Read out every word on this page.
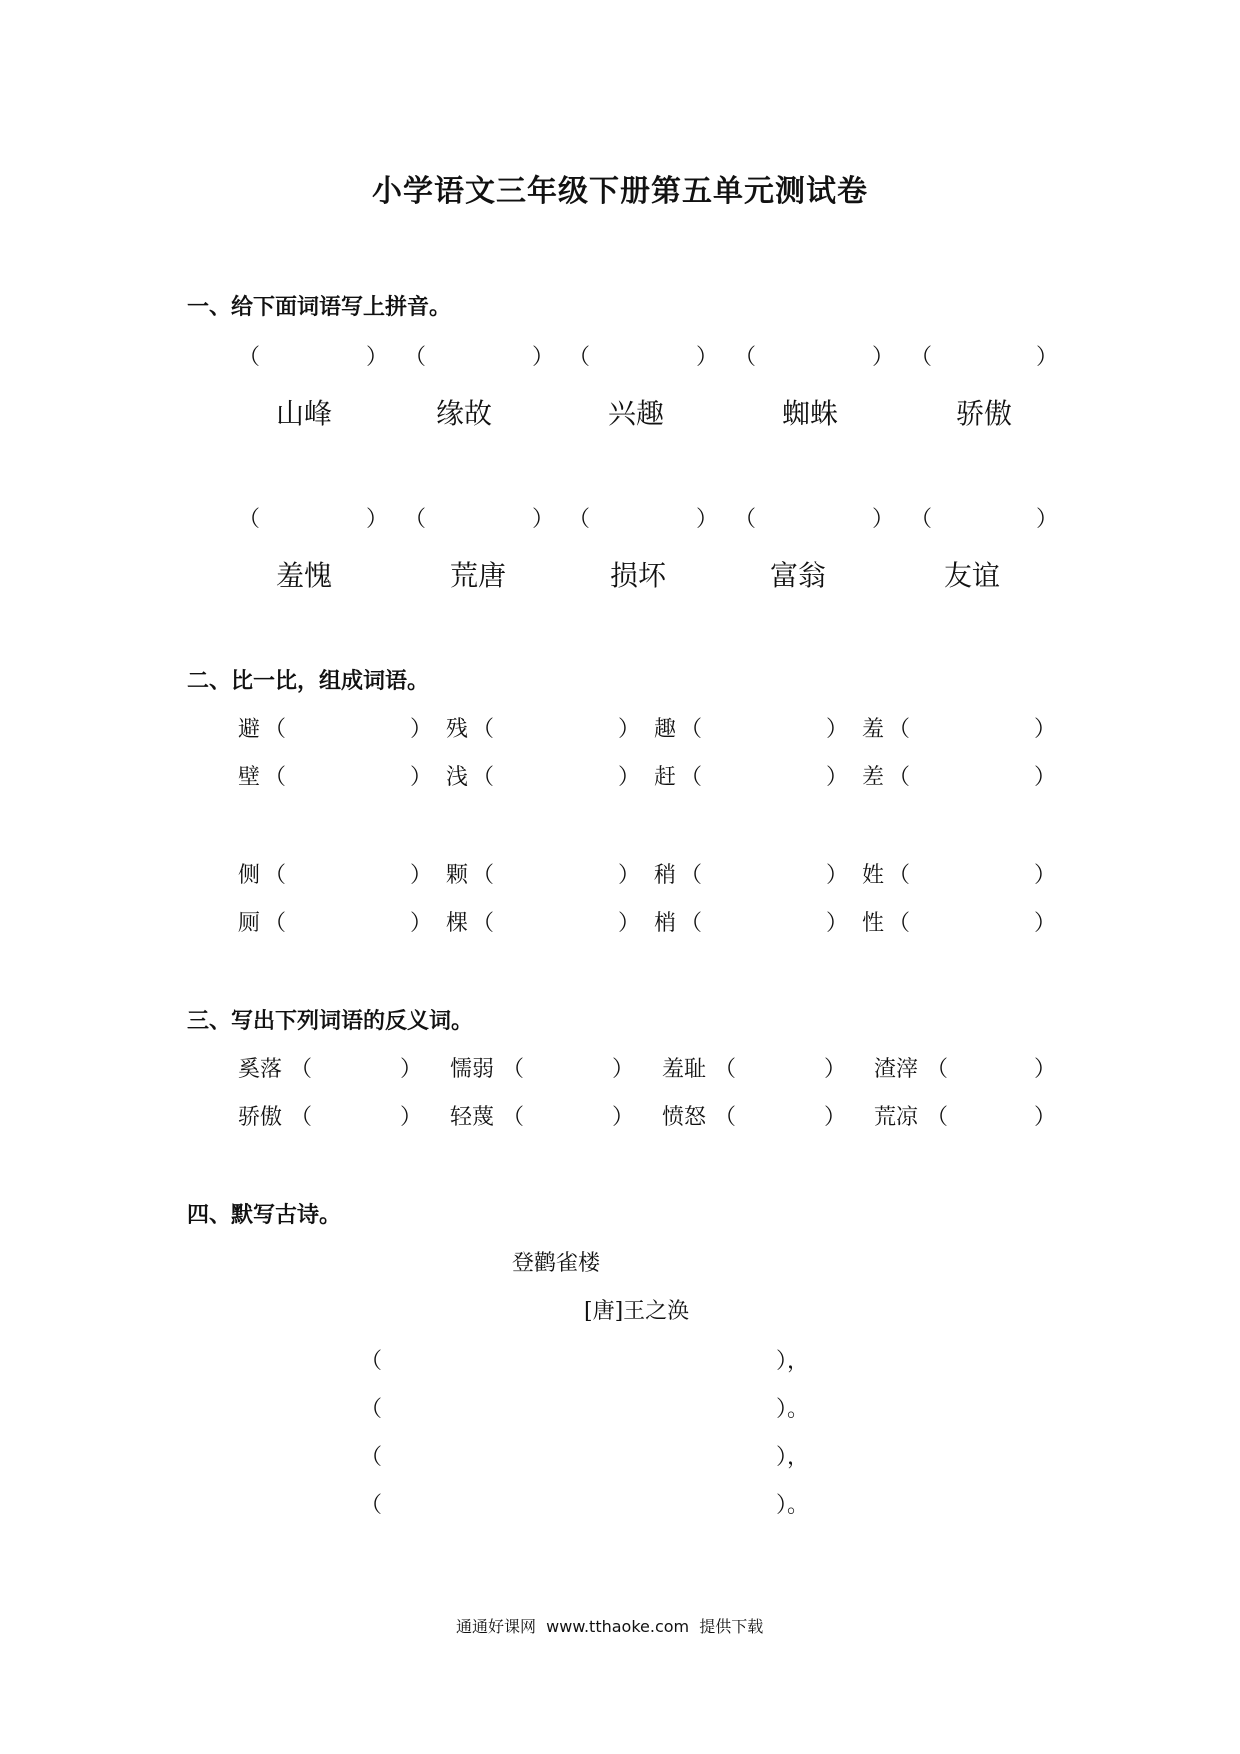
小学语文三年级下册第五单元测试卷
一、给下面词语写上拼音。
（	） （	） （	） （	） （	）
山峰	缘故	兴趣	蜘蛛	骄傲
（	） （	） （	） （	） （	）
羞愧	荒唐	损坏	富翁	友谊
二、比一比，组成词语。
避 （	） 残 （	） 趣 （	） 羞 （	）
壁 （	） 浅 （	） 赶 （	） 差 （	）
侧 （	） 颗 （	） 稍 （	） 姓 （	）
厕 （	） 棵 （	） 梢 （	） 性 （	）
三、写出下列词语的反义词。
奚落 （	） 懦弱 （	） 羞耻 （	） 渣滓 （	）
骄傲 （	） 轻蔑 （	） 愤怒 （	） 荒凉 （	）
四、默写古诗。
登鹳雀楼
[唐]王之涣
（	），
（	）。
（	），
（	）。
通通好课网  www.tthaoke.com  提供下载
